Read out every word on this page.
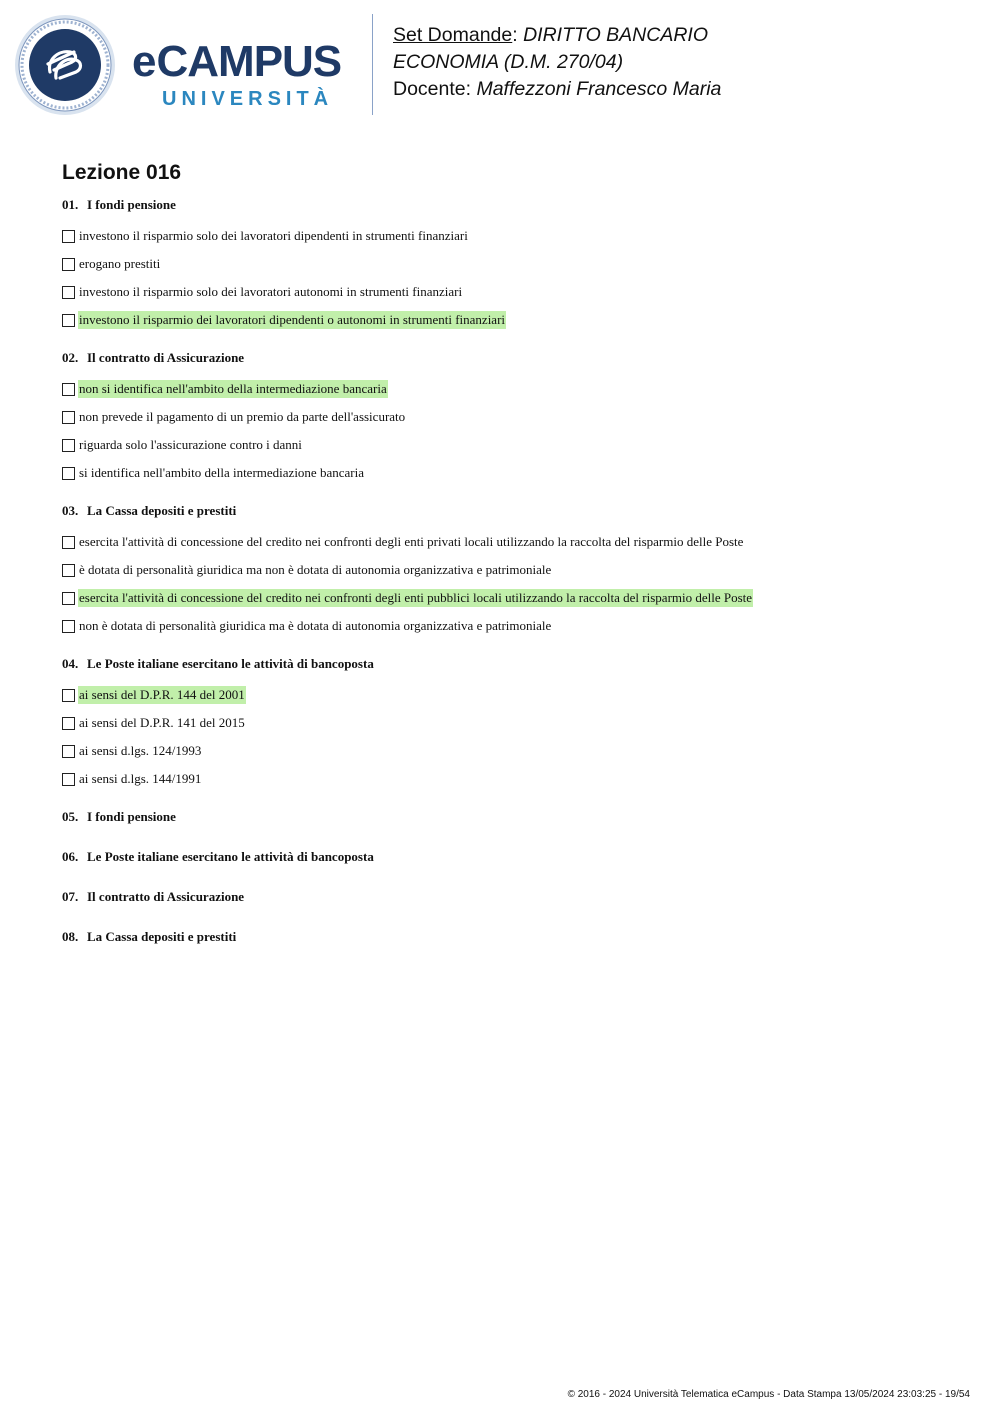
eCAMPUS
UNIVERSITÀ
Set Domande: DIRITTO BANCARIO
ECONOMIA (D.M. 270/04)
Docente: Maffezzoni Francesco Maria
Lezione 016
01. I fondi pensione
investono il risparmio solo dei lavoratori dipendenti in strumenti finanziari
erogano prestiti
investono il risparmio solo dei lavoratori autonomi in strumenti finanziari
investono il risparmio dei lavoratori dipendenti o autonomi in strumenti finanziari
02. Il contratto di Assicurazione
non si identifica nell'ambito della intermediazione bancaria
non prevede il pagamento di un premio da parte dell'assicurato
riguarda solo l'assicurazione contro i danni
si identifica nell'ambito della intermediazione bancaria
03. La Cassa depositi e prestiti
esercita l'attività di concessione del credito nei confronti degli enti privati locali utilizzando la raccolta del risparmio delle Poste
è dotata di personalità giuridica ma non è dotata di autonomia organizzativa e patrimoniale
esercita l'attività di concessione del credito nei confronti degli enti pubblici locali utilizzando la raccolta del risparmio delle Poste
non è dotata di personalità giuridica ma è dotata di autonomia organizzativa e patrimoniale
04. Le Poste italiane esercitano le attività di bancoposta
ai sensi del D.P.R. 144 del 2001
ai sensi del D.P.R. 141 del 2015
ai sensi d.lgs. 124/1993
ai sensi d.lgs. 144/1991
05. I fondi pensione
06. Le Poste italiane esercitano le attività di bancoposta
07. Il contratto di Assicurazione
08. La Cassa depositi e prestiti
© 2016 - 2024 Università Telematica eCampus - Data Stampa 13/05/2024 23:03:25 - 19/54
